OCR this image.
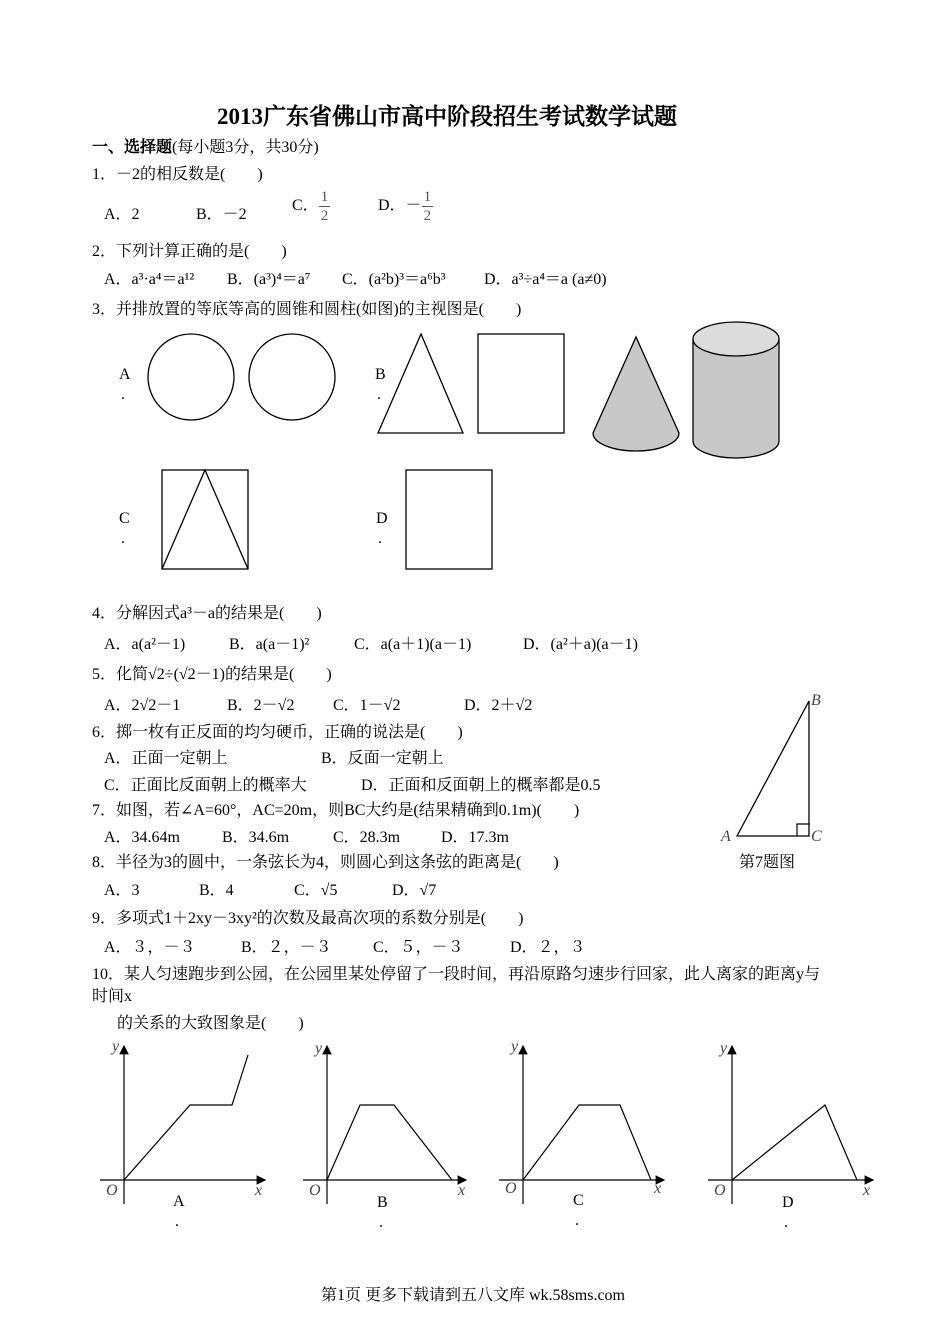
2013广东省佛山市高中阶段招生考试数学试题
一、选择题(每小题3分，共30分)
1．－2的相反数是(　　)
A．2	B．－2
C． $\frac{1}{2}$	D．－ $\frac{1}{2}$
2．下列计算正确的是(　　)
A．a³·a⁴＝a¹² B．(a³)⁴＝a⁷ C．(a²b)³＝a⁶b³ D．a³÷a⁴＝a (a≠0)
3．并排放置的等底等高的圆锥和圆柱(如图)的主视图是(　　)
A
.
B
.
C
.
D
.
4．分解因式a³－a的结果是(　　)
A．a(a²－1)	B．a(a－1)²	C．a(a＋1)(a－1)	D．(a²＋a)(a－1)
5．化简√2÷(√2－1)的结果是(　　)
A．2√2－1	B．2－√2 C．1－√2	D．2＋√2
6．掷一枚有正反面的均匀硬币，正确的说法是(　　)
A．正面一定朝上	B．反面一定朝上
C．正面比反面朝上的概率大	D．正面和反面朝上的概率都是0.5
7．如图，若∠A=60°，AC=20m，则BC大约是(结果精确到0.1m)(　　)
A．34.64m	B．34.6m	C．28.3m	D．17.3m	A
B
C
第7题图
8．半径为3的圆中，一条弦长为4，则圆心到这条弦的距离是(　　)
A．3	B．4	C．√5	D．√7
9．多项式1＋2xy－3xy²的次数及最高次项的系数分别是(　　)
A．３，－３	B．２，－３	C．５，－３	D．２，３
10．某人匀速跑步到公园，在公园里某处停留了一段时间，再沿原路匀速步行回家，此人离家的距离y与
时间x
的关系的大致图象是(　　)
y
x
O
A
.
y
x
O
B
.
y
x
O
C
.
y
x
O
D
.
第1页 更多下载请到五八文库 wk.58sms.com
